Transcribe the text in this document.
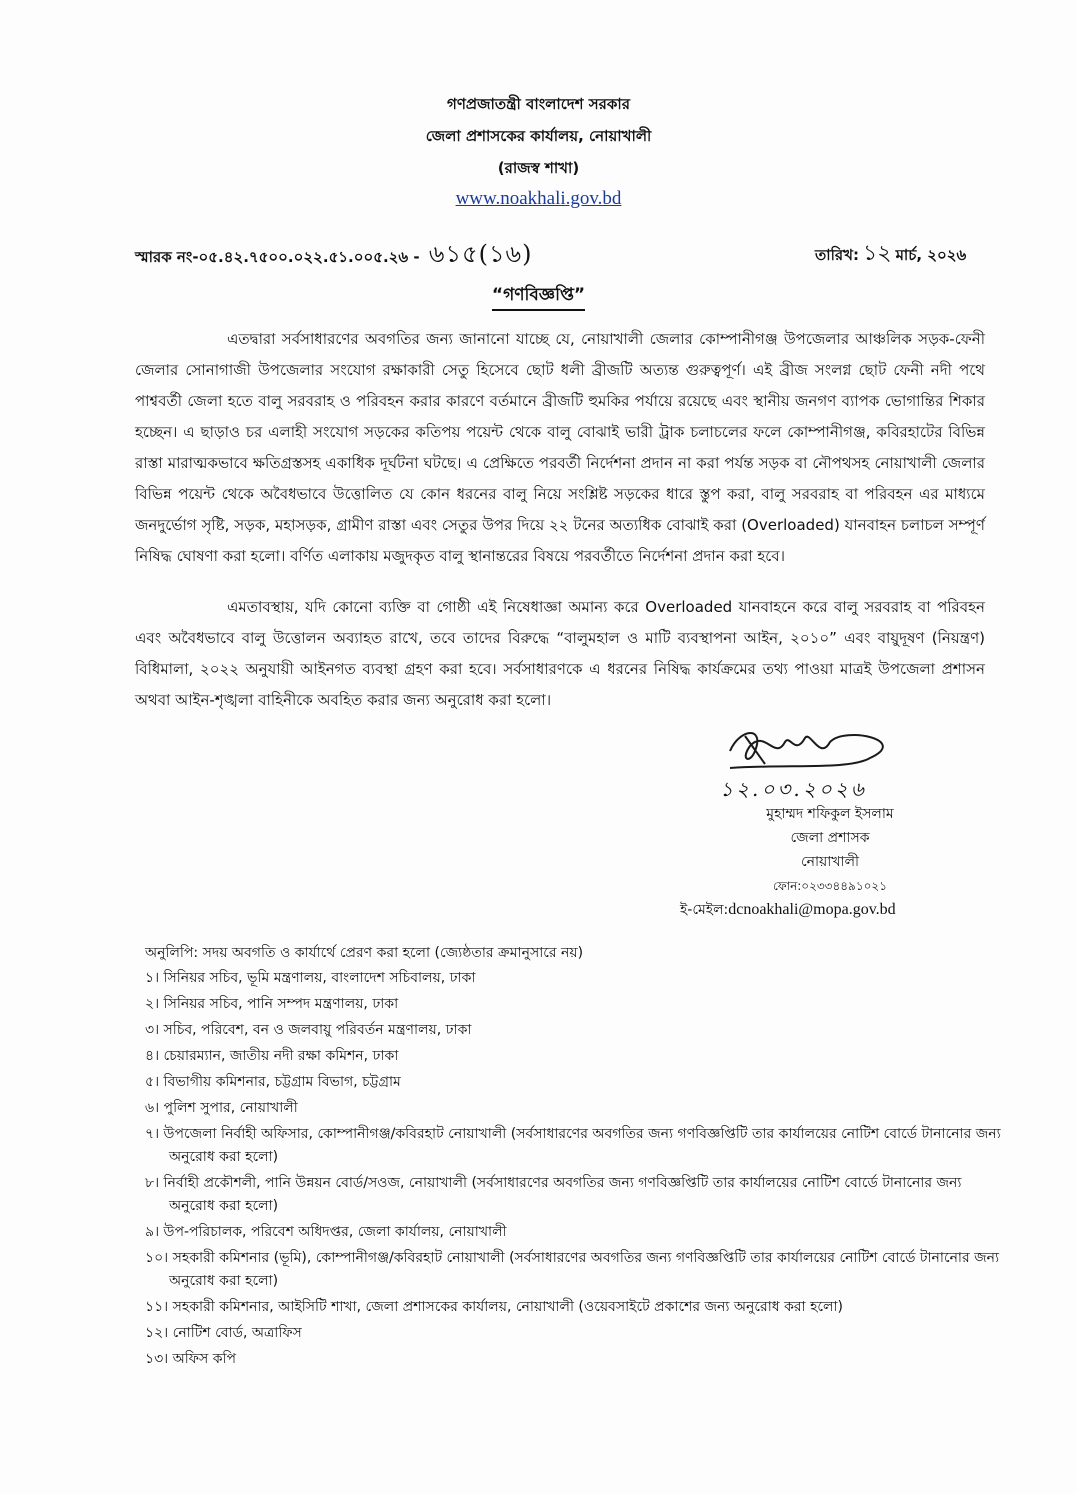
গণপ্রজাতন্ত্রী বাংলাদেশ সরকার
জেলা প্রশাসকের কার্যালয়, নোয়াখালী
(রাজস্ব শাখা)
www.noakhali.gov.bd
স্মারক নং-০৫.৪২.৭৫০০.০২২.৫১.০০৫.২৬ - ৬১৫(১৬)	তারিখ: ১২ মার্চ, ২০২৬
“গণবিজ্ঞপ্তি”
এতদ্বারা সর্বসাধারণের অবগতির জন্য জানানো যাচ্ছে যে, নোয়াখালী জেলার কোম্পানীগঞ্জ উপজেলার আঞ্চলিক সড়ক-ফেনী জেলার সোনাগাজী উপজেলার সংযোগ রক্ষাকারী সেতু হিসেবে ছোট ধলী ব্রীজটি অত্যন্ত গুরুত্বপূর্ণ। এই ব্রীজ সংলগ্ন ছোট ফেনী নদী পথে পাশ্ববর্তী জেলা হতে বালু সরবরাহ ও পরিবহন করার কারণে বর্তমানে ব্রীজটি হুমকির পর্যায়ে রয়েছে এবং স্থানীয় জনগণ ব্যাপক ভোগান্তির শিকার হচ্ছেন। এ ছাড়াও চর এলাহী সংযোগ সড়কের কতিপয় পয়েন্ট থেকে বালু বোঝাই ভারী ট্রাক চলাচলের ফলে কোম্পানীগঞ্জ, কবিরহাটের বিভিন্ন রাস্তা মারাত্মকভাবে ক্ষতিগ্রস্তসহ একাধিক দূর্ঘটনা ঘটছে। এ প্রেক্ষিতে পরবর্তী নির্দেশনা প্রদান না করা পর্যন্ত সড়ক বা নৌপথসহ নোয়াখালী জেলার বিভিন্ন পয়েন্ট থেকে অবৈধভাবে উত্তোলিত যে কোন ধরনের বালু নিয়ে সংশ্লিষ্ট সড়কের ধারে স্তুপ করা, বালু সরবরাহ বা পরিবহন এর মাধ্যমে জনদুর্ভোগ সৃষ্টি, সড়ক, মহাসড়ক, গ্রামীণ রাস্তা এবং সেতুর উপর দিয়ে ২২ টনের অত্যধিক বোঝাই করা (Overloaded) যানবাহন চলাচল সম্পূর্ণ নিষিদ্ধ ঘোষণা করা হলো। বর্ণিত এলাকায় মজুদকৃত বালু স্থানান্তরের বিষয়ে পরবর্তীতে নির্দেশনা প্রদান করা হবে।
এমতাবস্থায়, যদি কোনো ব্যক্তি বা গোষ্ঠী এই নিষেধাজ্ঞা অমান্য করে Overloaded যানবাহনে করে বালু সরবরাহ বা পরিবহন এবং অবৈধভাবে বালু উত্তোলন অব্যাহত রাখে, তবে তাদের বিরুদ্ধে “বালুমহাল ও মাটি ব্যবস্থাপনা আইন, ২০১০” এবং বায়ুদূষণ (নিয়ন্ত্রণ) বিধিমালা, ২০২২ অনুযায়ী আইনগত ব্যবস্থা গ্রহণ করা হবে। সর্বসাধারণকে এ ধরনের নিষিদ্ধ কার্যক্রমের তথ্য পাওয়া মাত্রই উপজেলা প্রশাসন অথবা আইন-শৃঙ্খলা বাহিনীকে অবহিত করার জন্য অনুরোধ করা হলো।
১২.০৩.২০২৬
মুহাম্মদ শফিকুল ইসলাম
জেলা প্রশাসক
নোয়াখালী
ফোন:০২৩৩৪৪৯১০২১
ই-মেইল:dcnoakhali@mopa.gov.bd
অনুলিপি: সদয় অবগতি ও কার্যার্থে প্রেরণ করা হলো (জ্যেষ্ঠতার ক্রমানুসারে নয়)
১। সিনিয়র সচিব, ভূমি মন্ত্রণালয়, বাংলাদেশ সচিবালয়, ঢাকা
২। সিনিয়র সচিব, পানি সম্পদ মন্ত্রণালয়, ঢাকা
৩। সচিব, পরিবেশ, বন ও জলবায়ু পরিবর্তন মন্ত্রণালয়, ঢাকা
৪। চেয়ারম্যান, জাতীয় নদী রক্ষা কমিশন, ঢাকা
৫। বিভাগীয় কমিশনার, চট্টগ্রাম বিভাগ, চট্টগ্রাম
৬। পুলিশ সুপার, নোয়াখালী
৭। উপজেলা নির্বাহী অফিসার, কোম্পানীগঞ্জ/কবিরহাট নোয়াখালী (সর্বসাধারণের অবগতির জন্য গণবিজ্ঞপ্তিটি তার কার্যালয়ের নোটিশ বোর্ডে টানানোর জন্য অনুরোধ করা হলো)
৮। নির্বাহী প্রকৌশলী, পানি উন্নয়ন বোর্ড/সওজ, নোয়াখালী (সর্বসাধারণের অবগতির জন্য গণবিজ্ঞপ্তিটি তার কার্যালয়ের নোটিশ বোর্ডে টানানোর জন্য অনুরোধ করা হলো)
৯। উপ-পরিচালক, পরিবেশ অধিদপ্তর, জেলা কার্যালয়, নোয়াখালী
১০। সহকারী কমিশনার (ভূমি), কোম্পানীগঞ্জ/কবিরহাট নোয়াখালী (সর্বসাধারণের অবগতির জন্য গণবিজ্ঞপ্তিটি তার কার্যালয়ের নোটিশ বোর্ডে টানানোর জন্য অনুরোধ করা হলো)
১১। সহকারী কমিশনার, আইসিটি শাখা, জেলা প্রশাসকের কার্যালয়, নোয়াখালী (ওয়েবসাইটে প্রকাশের জন্য অনুরোধ করা হলো)
১২। নোটিশ বোর্ড, অত্রাফিস
১৩। অফিস কপি
